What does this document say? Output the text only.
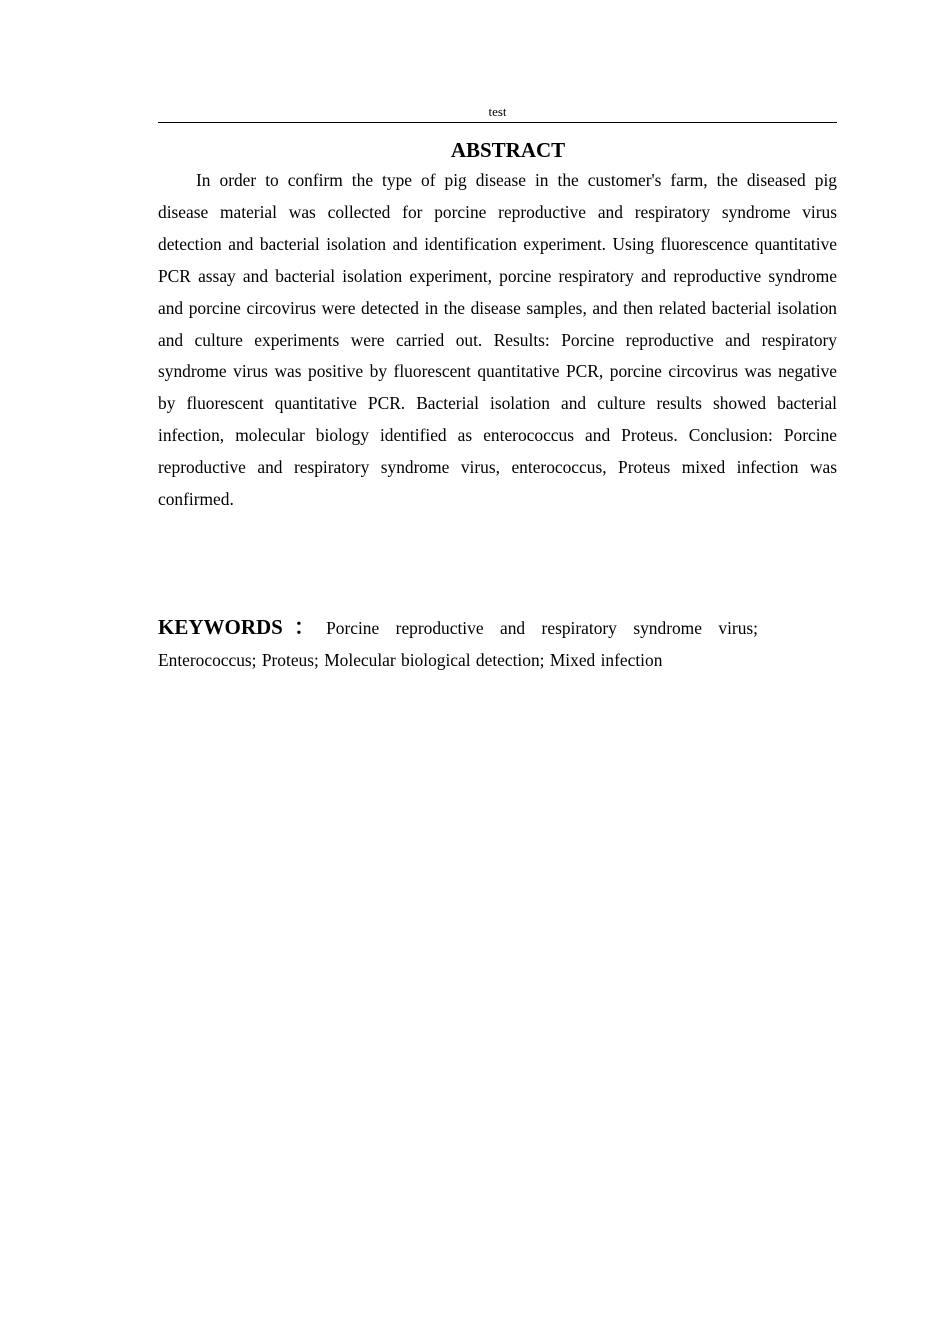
test
ABSTRACT

In order to confirm the type of pig disease in the customer's farm, the diseased pig disease material was collected for porcine reproductive and respiratory syndrome virus detection and bacterial isolation and identification experiment. Using fluorescence quantitative PCR assay and bacterial isolation experiment, porcine respiratory and reproductive syndrome and porcine circovirus were detected in the disease samples, and then related bacterial isolation and culture experiments were carried out. Results: Porcine reproductive and respiratory syndrome virus was positive by fluorescent quantitative PCR, porcine circovirus was negative by fluorescent quantitative PCR. Bacterial isolation and culture results showed bacterial infection, molecular biology identified as enterococcus and Proteus. Conclusion: Porcine reproductive and respiratory syndrome virus, enterococcus, Proteus mixed infection was confirmed.

KEYWORDS：Porcine reproductive and respiratory syndrome virus; Enterococcus; Proteus; Molecular biological detection; Mixed infection
